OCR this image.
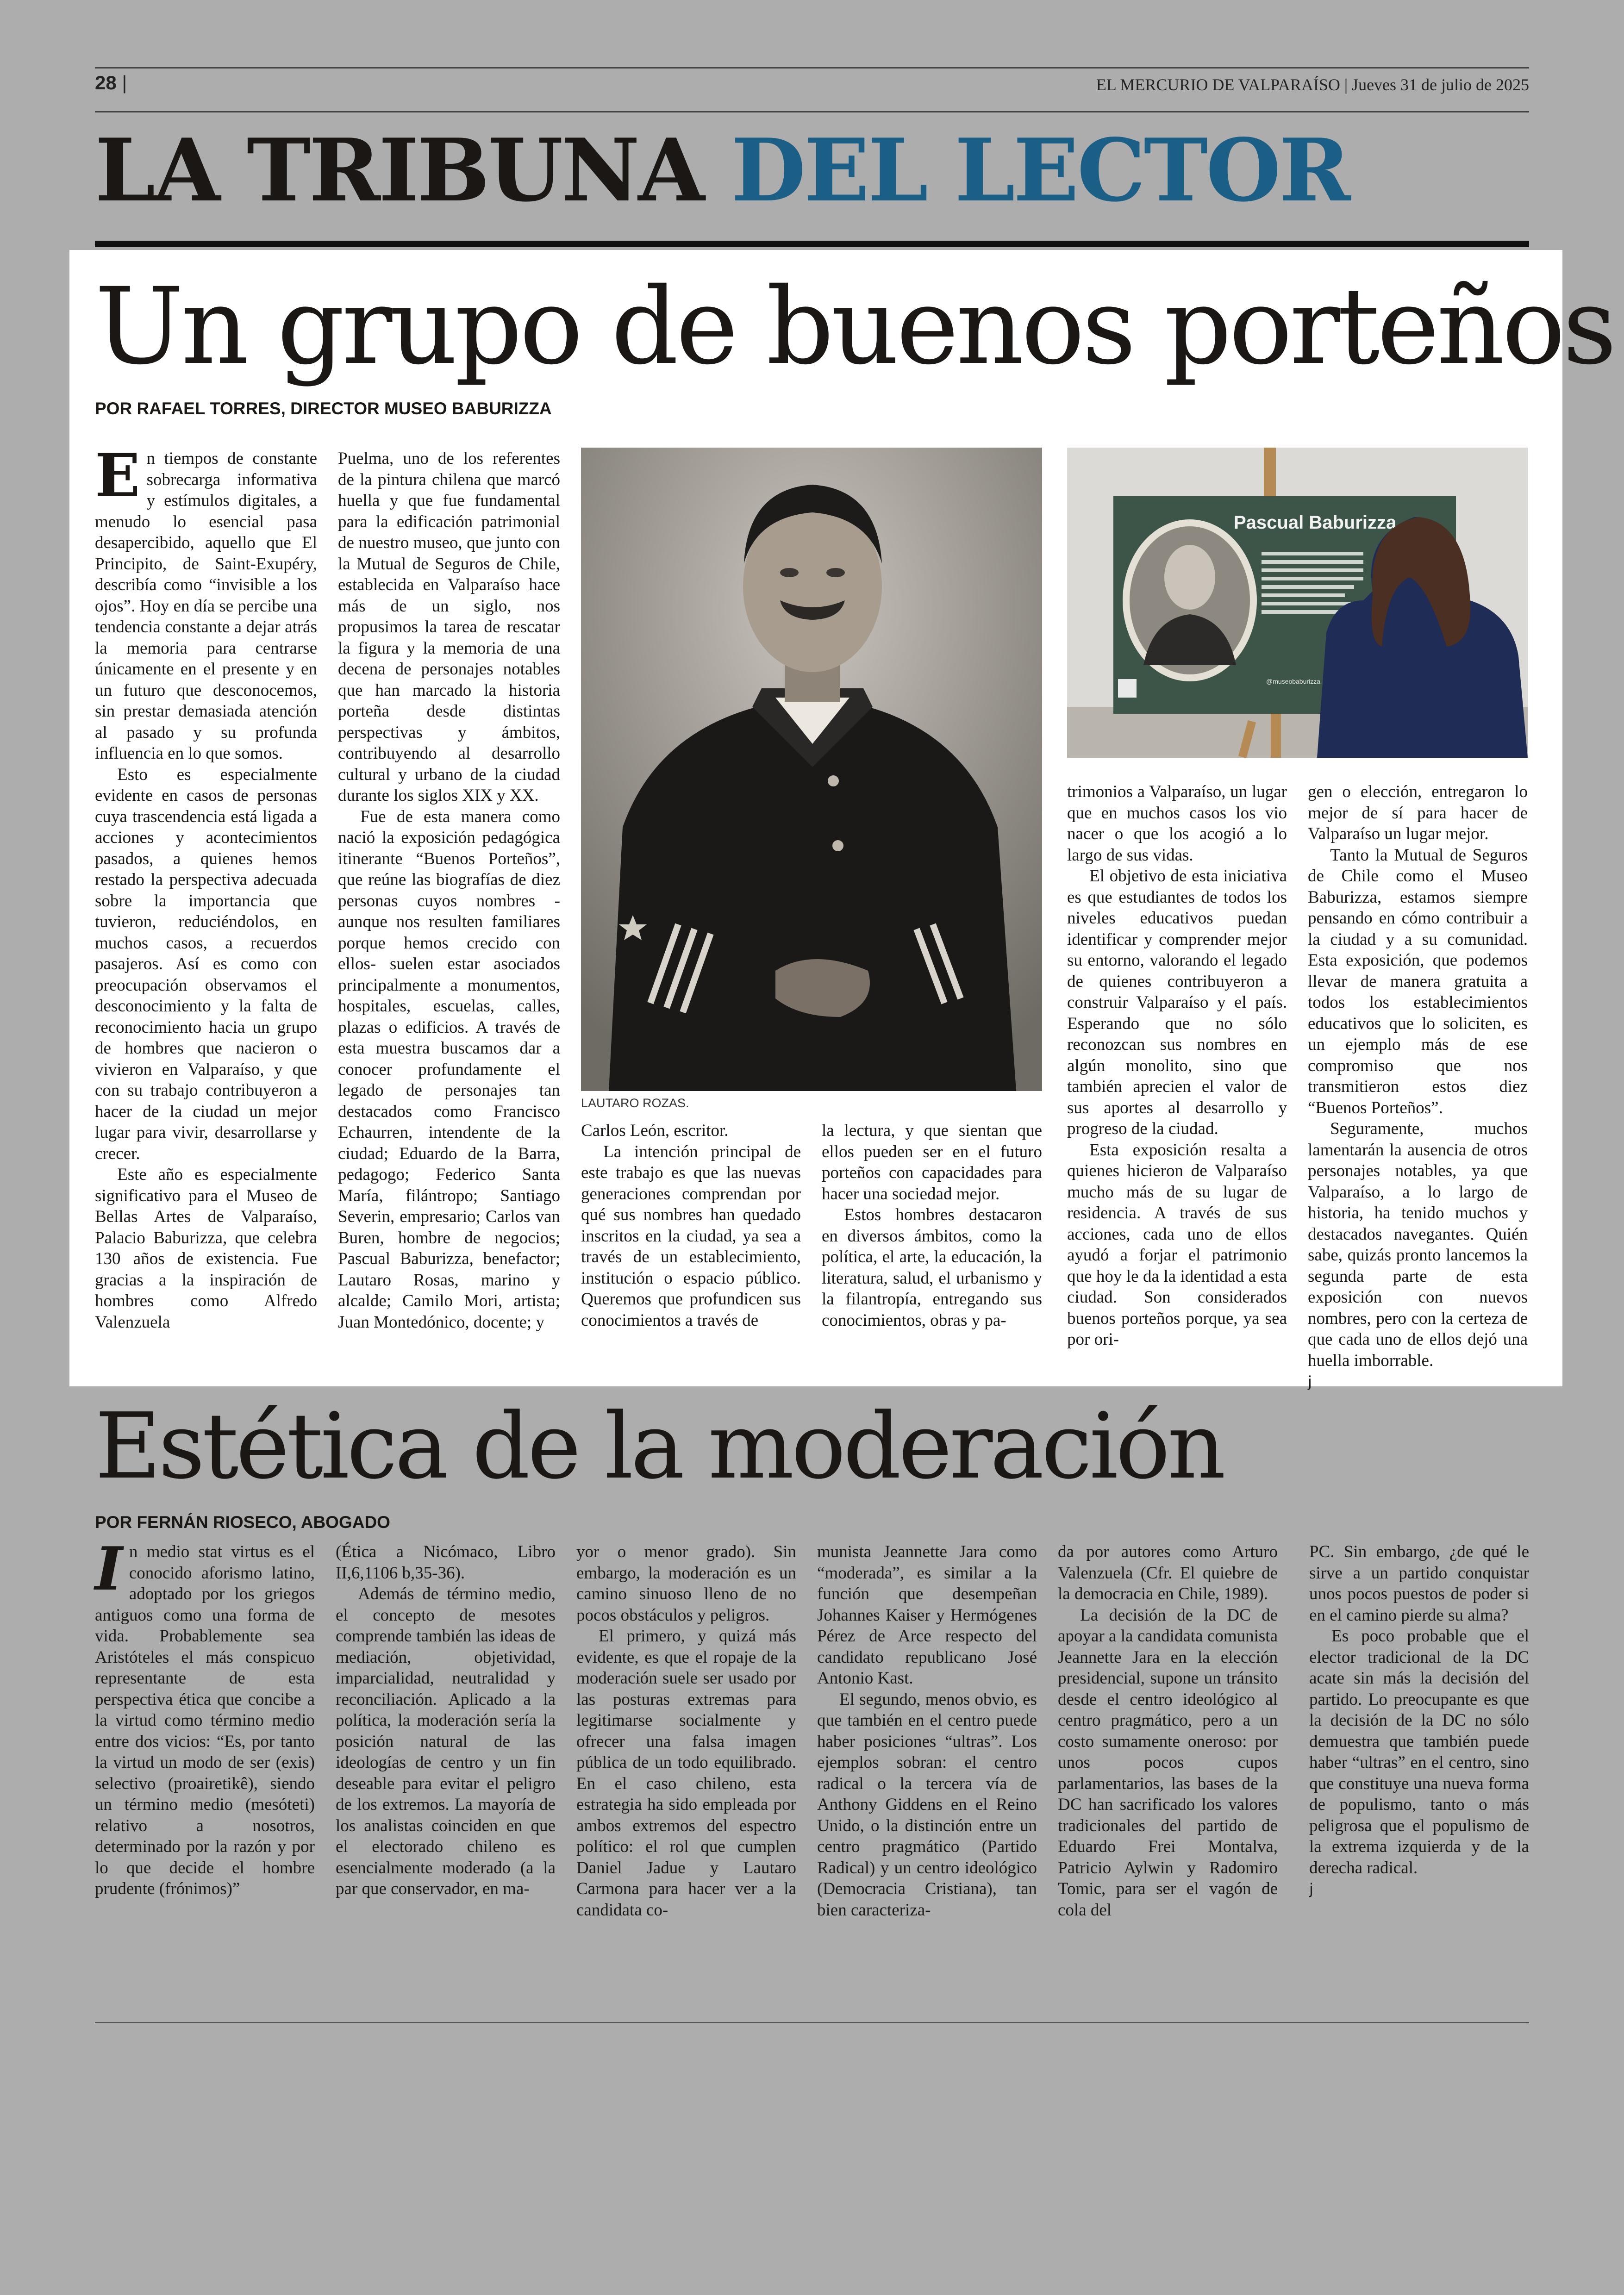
28 |	EL MERCURIO DE VALPARAÍSO | Jueves 31 de julio de 2025
LA TRIBUNA DEL LECTOR
Un grupo de buenos porteños
POR RAFAEL TORRES, DIRECTOR MUSEO BABURIZZA
E n tiempos de constante sobrecarga informativa y estímulos digitales, a menudo lo esencial pasa desapercibido, aquello que El Principito, de Saint-Exupéry, describía como “invisible a los ojos”. Hoy en día se percibe una tendencia constante a dejar atrás la memoria para centrarse únicamente en el presente y en un futuro que desconocemos, sin prestar demasiada atención al pasado y su profunda influencia en lo que somos.

Esto es especialmente evidente en casos de personas cuya trascendencia está ligada a acciones y acontecimientos pasados, a quienes hemos restado la perspectiva adecuada sobre la importancia que tuvieron, reduciéndolos, en muchos casos, a recuerdos pasajeros. Así es como con preocupación observamos el desconocimiento y la falta de reconocimiento hacia un grupo de hombres que nacieron o vivieron en Valparaíso, y que con su trabajo contribuyeron a hacer de la ciudad un mejor lugar para vivir, desarrollarse y crecer.

Este año es especialmente significativo para el Museo de Bellas Artes de Valparaíso, Palacio Baburizza, que celebra 130 años de existencia. Fue gracias a la inspiración de hombres como Alfredo Valenzuela

Puelma, uno de los referentes de la pintura chilena que marcó huella y que fue fundamental para la edificación patrimonial de nuestro museo, que junto con la Mutual de Seguros de Chile, establecida en Valparaíso hace más de un siglo, nos propusimos la tarea de rescatar la figura y la memoria de una decena de personajes notables que han marcado la historia porteña desde distintas perspectivas y ámbitos, contribuyendo al desarrollo cultural y urbano de la ciudad durante los siglos XIX y XX.

Fue de esta manera como nació la exposición pedagógica itinerante “Buenos Porteños”, que reúne las biografías de diez personas cuyos nombres -aunque nos resulten familiares porque hemos crecido con ellos- suelen estar asociados principalmente a monumentos, hospitales, escuelas, calles, plazas o edificios. A través de esta muestra buscamos dar a conocer profundamente el legado de personajes tan destacados como Francisco Echaurren, intendente de la ciudad; Eduardo de la Barra, pedagogo; Federico Santa María, filántropo; Santiago Severin, empresario; Carlos van Buren, hombre de negocios; Pascual Baburizza, benefactor; Lautaro Rosas, marino y alcalde; Camilo Mori, artista; Juan Montedónico, docente; y

LAUTARO ROZAS.

Carlos León, escritor.

La intención principal de este trabajo es que las nuevas generaciones comprendan por qué sus nombres han quedado inscritos en la ciudad, ya sea a través de un establecimiento, institución o espacio público. Queremos que profundicen sus conocimientos a través de

la lectura, y que sientan que ellos pueden ser en el futuro porteños con capacidades para hacer una sociedad mejor.

Estos hombres destacaron en diversos ámbitos, como la política, el arte, la educación, la literatura, salud, el urbanismo y la filantropía, entregando sus conocimientos, obras y pa-

Pascual Baburizza
@museobaburizza

trimonios a Valparaíso, un lugar que en muchos casos los vio nacer o que los acogió a lo largo de sus vidas.

El objetivo de esta iniciativa es que estudiantes de todos los niveles educativos puedan identificar y comprender mejor su entorno, valorando el legado de quienes contribuyeron a construir Valparaíso y el país. Esperando que no sólo reconozcan sus nombres en algún monolito, sino que también aprecien el valor de sus aportes al desarrollo y progreso de la ciudad.

Esta exposición resalta a quienes hicieron de Valparaíso mucho más de su lugar de residencia. A través de sus acciones, cada uno de ellos ayudó a forjar el patrimonio que hoy le da la identidad a esta ciudad. Son considerados buenos porteños porque, ya sea por ori-

gen o elección, entregaron lo mejor de sí para hacer de Valparaíso un lugar mejor.

Tanto la Mutual de Seguros de Chile como el Museo Baburizza, estamos siempre pensando en cómo contribuir a la ciudad y a su comunidad. Esta exposición, que podemos llevar de manera gratuita a todos los establecimientos educativos que lo soliciten, es un ejemplo más de ese compromiso que nos transmitieron estos diez “Buenos Porteños”.

Seguramente, muchos lamentarán la ausencia de otros personajes notables, ya que Valparaíso, a lo largo de historia, ha tenido muchos y destacados navegantes. Quién sabe, quizás pronto lancemos la segunda parte de esta exposición con nuevos nombres, pero con la certeza de que cada uno de ellos dejó una huella imborrable.

ϳ
Estética de la moderación
POR FERNÁN RIOSECO, ABOGADO
I n medio stat virtus es el conocido aforismo latino, adoptado por los griegos antiguos como una forma de vida. Probablemente sea Aristóteles el más conspicuo representante de esta perspectiva ética que concibe a la virtud como término medio entre dos vicios: “Es, por tanto la virtud un modo de ser (exis) selectivo (proairetikê), siendo un término medio (mesóteti) relativo a nosotros, determinado por la razón y por lo que decide el hombre prudente (frónimos)”

(Ética a Nicómaco, Libro II,6,1106 b,35-36).

Además de término medio, el concepto de mesotes comprende también las ideas de mediación, objetividad, imparcialidad, neutralidad y reconciliación. Aplicado a la política, la moderación sería la posición natural de las ideologías de centro y un fin deseable para evitar el peligro de los extremos. La mayoría de los analistas coinciden en que el electorado chileno es esencialmente moderado (a la par que conservador, en ma-

yor o menor grado). Sin embargo, la moderación es un camino sinuoso lleno de no pocos obstáculos y peligros.

El primero, y quizá más evidente, es que el ropaje de la moderación suele ser usado por las posturas extremas para legitimarse socialmente y ofrecer una falsa imagen pública de un todo equilibrado. En el caso chileno, esta estrategia ha sido empleada por ambos extremos del espectro político: el rol que cumplen Daniel Jadue y Lautaro Carmona para hacer ver a la candidata co-

munista Jeannette Jara como “moderada”, es similar a la función que desempeñan Johannes Kaiser y Hermógenes Pérez de Arce respecto del candidato republicano José Antonio Kast.

El segundo, menos obvio, es que también en el centro puede haber posiciones “ultras”. Los ejemplos sobran: el centro radical o la tercera vía de Anthony Giddens en el Reino Unido, o la distinción entre un centro pragmático (Partido Radical) y un centro ideológico (Democracia Cristiana), tan bien caracteriza-

da por autores como Arturo Valenzuela (Cfr. El quiebre de la democracia en Chile, 1989).

La decisión de la DC de apoyar a la candidata comunista Jeannette Jara en la elección presidencial, supone un tránsito desde el centro ideológico al centro pragmático, pero a un costo sumamente oneroso: por unos pocos cupos parlamentarios, las bases de la DC han sacrificado los valores tradicionales del partido de Eduardo Frei Montalva, Patricio Aylwin y Radomiro Tomic, para ser el vagón de cola del

PC. Sin embargo, ¿de qué le sirve a un partido conquistar unos pocos puestos de poder si en el camino pierde su alma?

Es poco probable que el elector tradicional de la DC acate sin más la decisión del partido. Lo preocupante es que la decisión de la DC no sólo demuestra que también puede haber “ultras” en el centro, sino que constituye una nueva forma de populismo, tanto o más peligrosa que el populismo de la extrema izquierda y de la derecha radical.

ϳ
